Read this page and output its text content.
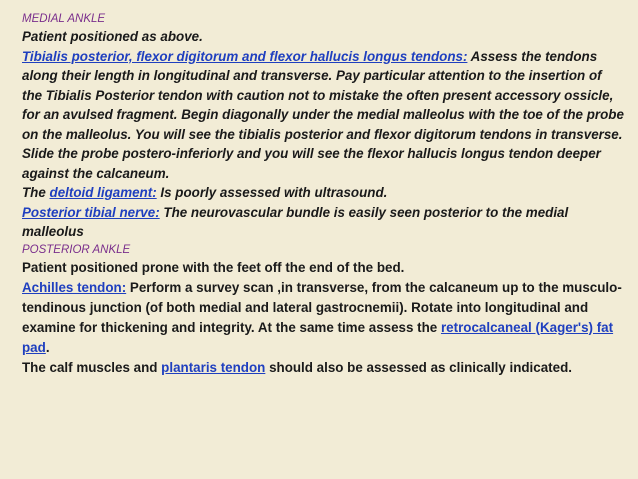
MEDIAL ANKLE

Patient positioned as above.

Tibialis posterior, flexor digitorum and flexor hallucis longus tendons: Assess the tendons along their length in longitudinal and transverse. Pay particular attention to the insertion of the Tibialis Posterior tendon with caution not to mistake the often present accessory ossicle, for an avulsed fragment. Begin diagonally under the medial malleolus with the toe of the probe on the malleolus. You will see the tibialis posterior and flexor digitorum tendons in transverse. Slide the probe postero-inferiorly and you will see the flexor hallucis longus tendon deeper against the calcaneum.

The deltoid ligament: Is poorly assessed with ultrasound.

Posterior tibial nerve: The neurovascular bundle is easily seen posterior to the medial malleolus

POSTERIOR ANKLE

Patient positioned prone with the feet off the end of the bed.

Achilles tendon: Perform a survey scan ,in transverse, from the calcaneum up to the musculo-tendinous junction (of both medial and lateral gastrocnemii). Rotate into longitudinal and examine for thickening and integrity. At the same time assess the retrocalcaneal (Kager's) fat pad.

The calf muscles and plantaris tendon should also be assessed as clinically indicated.
